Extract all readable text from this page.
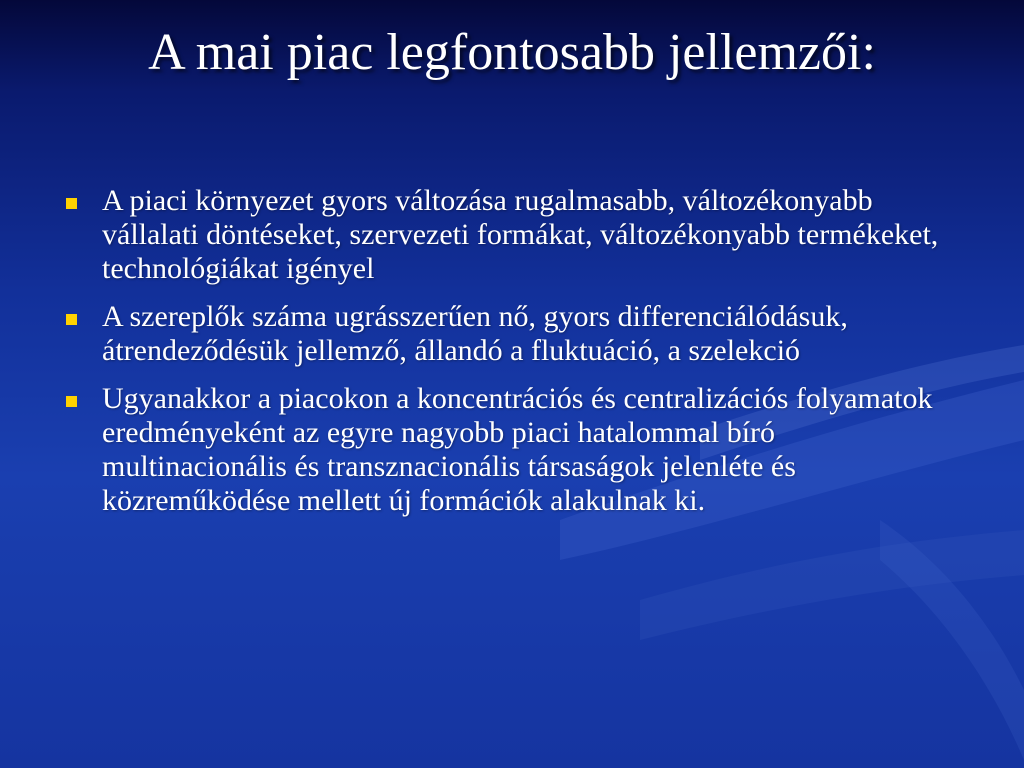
A mai piac legfontosabb jellemzői:
A piaci környezet gyors változása rugalmasabb, változékonyabb vállalati döntéseket, szervezeti formákat, változékonyabb termékeket, technológiákat igényel
A szereplők száma ugrásszerűen nő, gyors differenciálódásuk, átrendeződésük jellemző, állandó a fluktuáció, a szelekció
Ugyanakkor a piacokon a koncentrációs és centralizációs folyamatok eredményeként az egyre nagyobb piaci hatalommal bíró multinacionális és transznacionális társaságok jelenléte és közreműködése mellett új formációk alakulnak ki.
